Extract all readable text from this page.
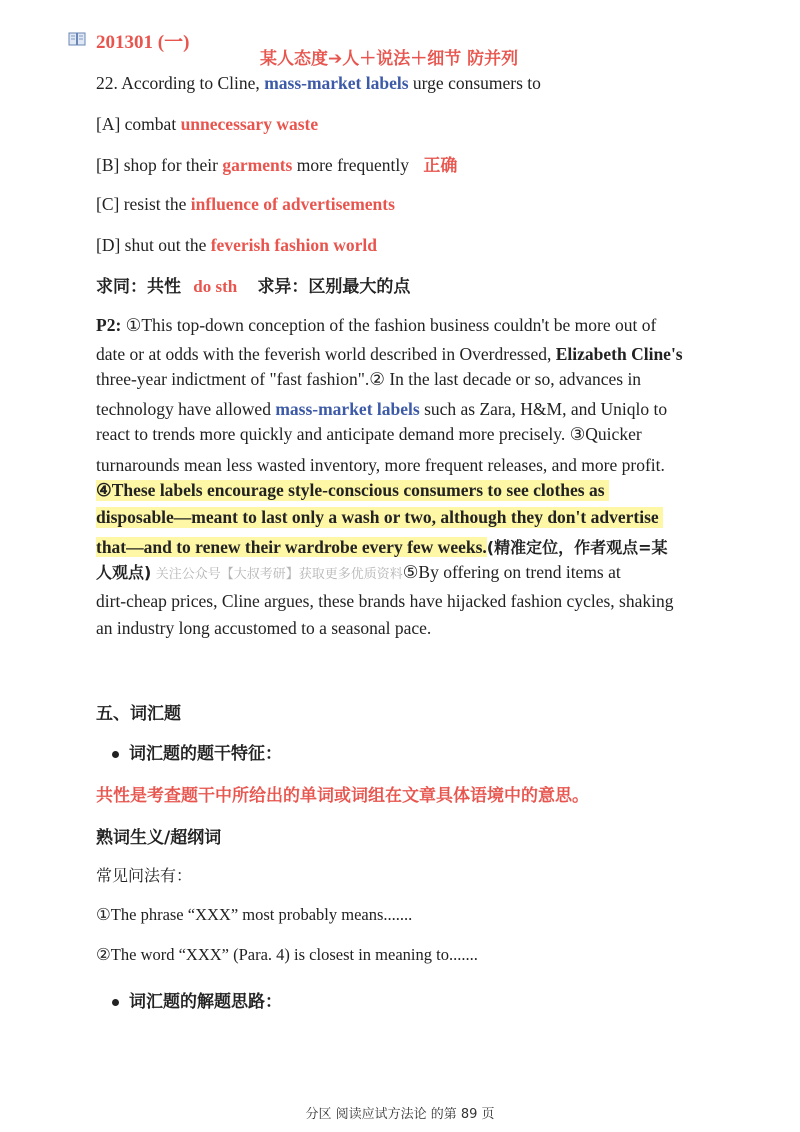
201301 (一)
某人态度➔人＋说法＋细节 防并列
22. According to Cline, mass-market labels urge consumers to
[A] combat unnecessary waste
[B] shop for their garments more frequently 正确
[C] resist the influence of advertisements
[D] shut out the feverish fashion world
求同：共性 do sth 求异：区别最大的点
P2: ①This top-down conception of the fashion business couldn't be more out of
date or at odds with the feverish world described in Overdressed, Elizabeth Cline's
three-year indictment of "fast fashion".② In the last decade or so, advances in
technology have allowed mass-market labels such as Zara, H&M, and Uniqlo to
react to trends more quickly and anticipate demand more precisely. ③Quicker
turnarounds mean less wasted inventory, more frequent releases, and more profit.
④These labels encourage style-conscious consumers to see clothes as
disposable—meant to last only a wash or two, although they don't advertise
that—and to renew their wardrobe every few weeks.(精准定位，作者观点=某
人观点) 关注公众号【大叔考研】获取更多优质资料⑤By offering on trend items at
dirt-cheap prices, Cline argues, these brands have hijacked fashion cycles, shaking
an industry long accustomed to a seasonal pace.
五、词汇题
词汇题的题干特征：
共性是考查题干中所给出的单词或词组在文章具体语境中的意思。
熟词生义/超纲词
常见问法有：
①The phrase “XXX” most probably means.......
②The word “XXX” (Para. 4) is closest in meaning to.......
词汇题的解题思路：
分区 阅读应试方法论 的第 89 页
